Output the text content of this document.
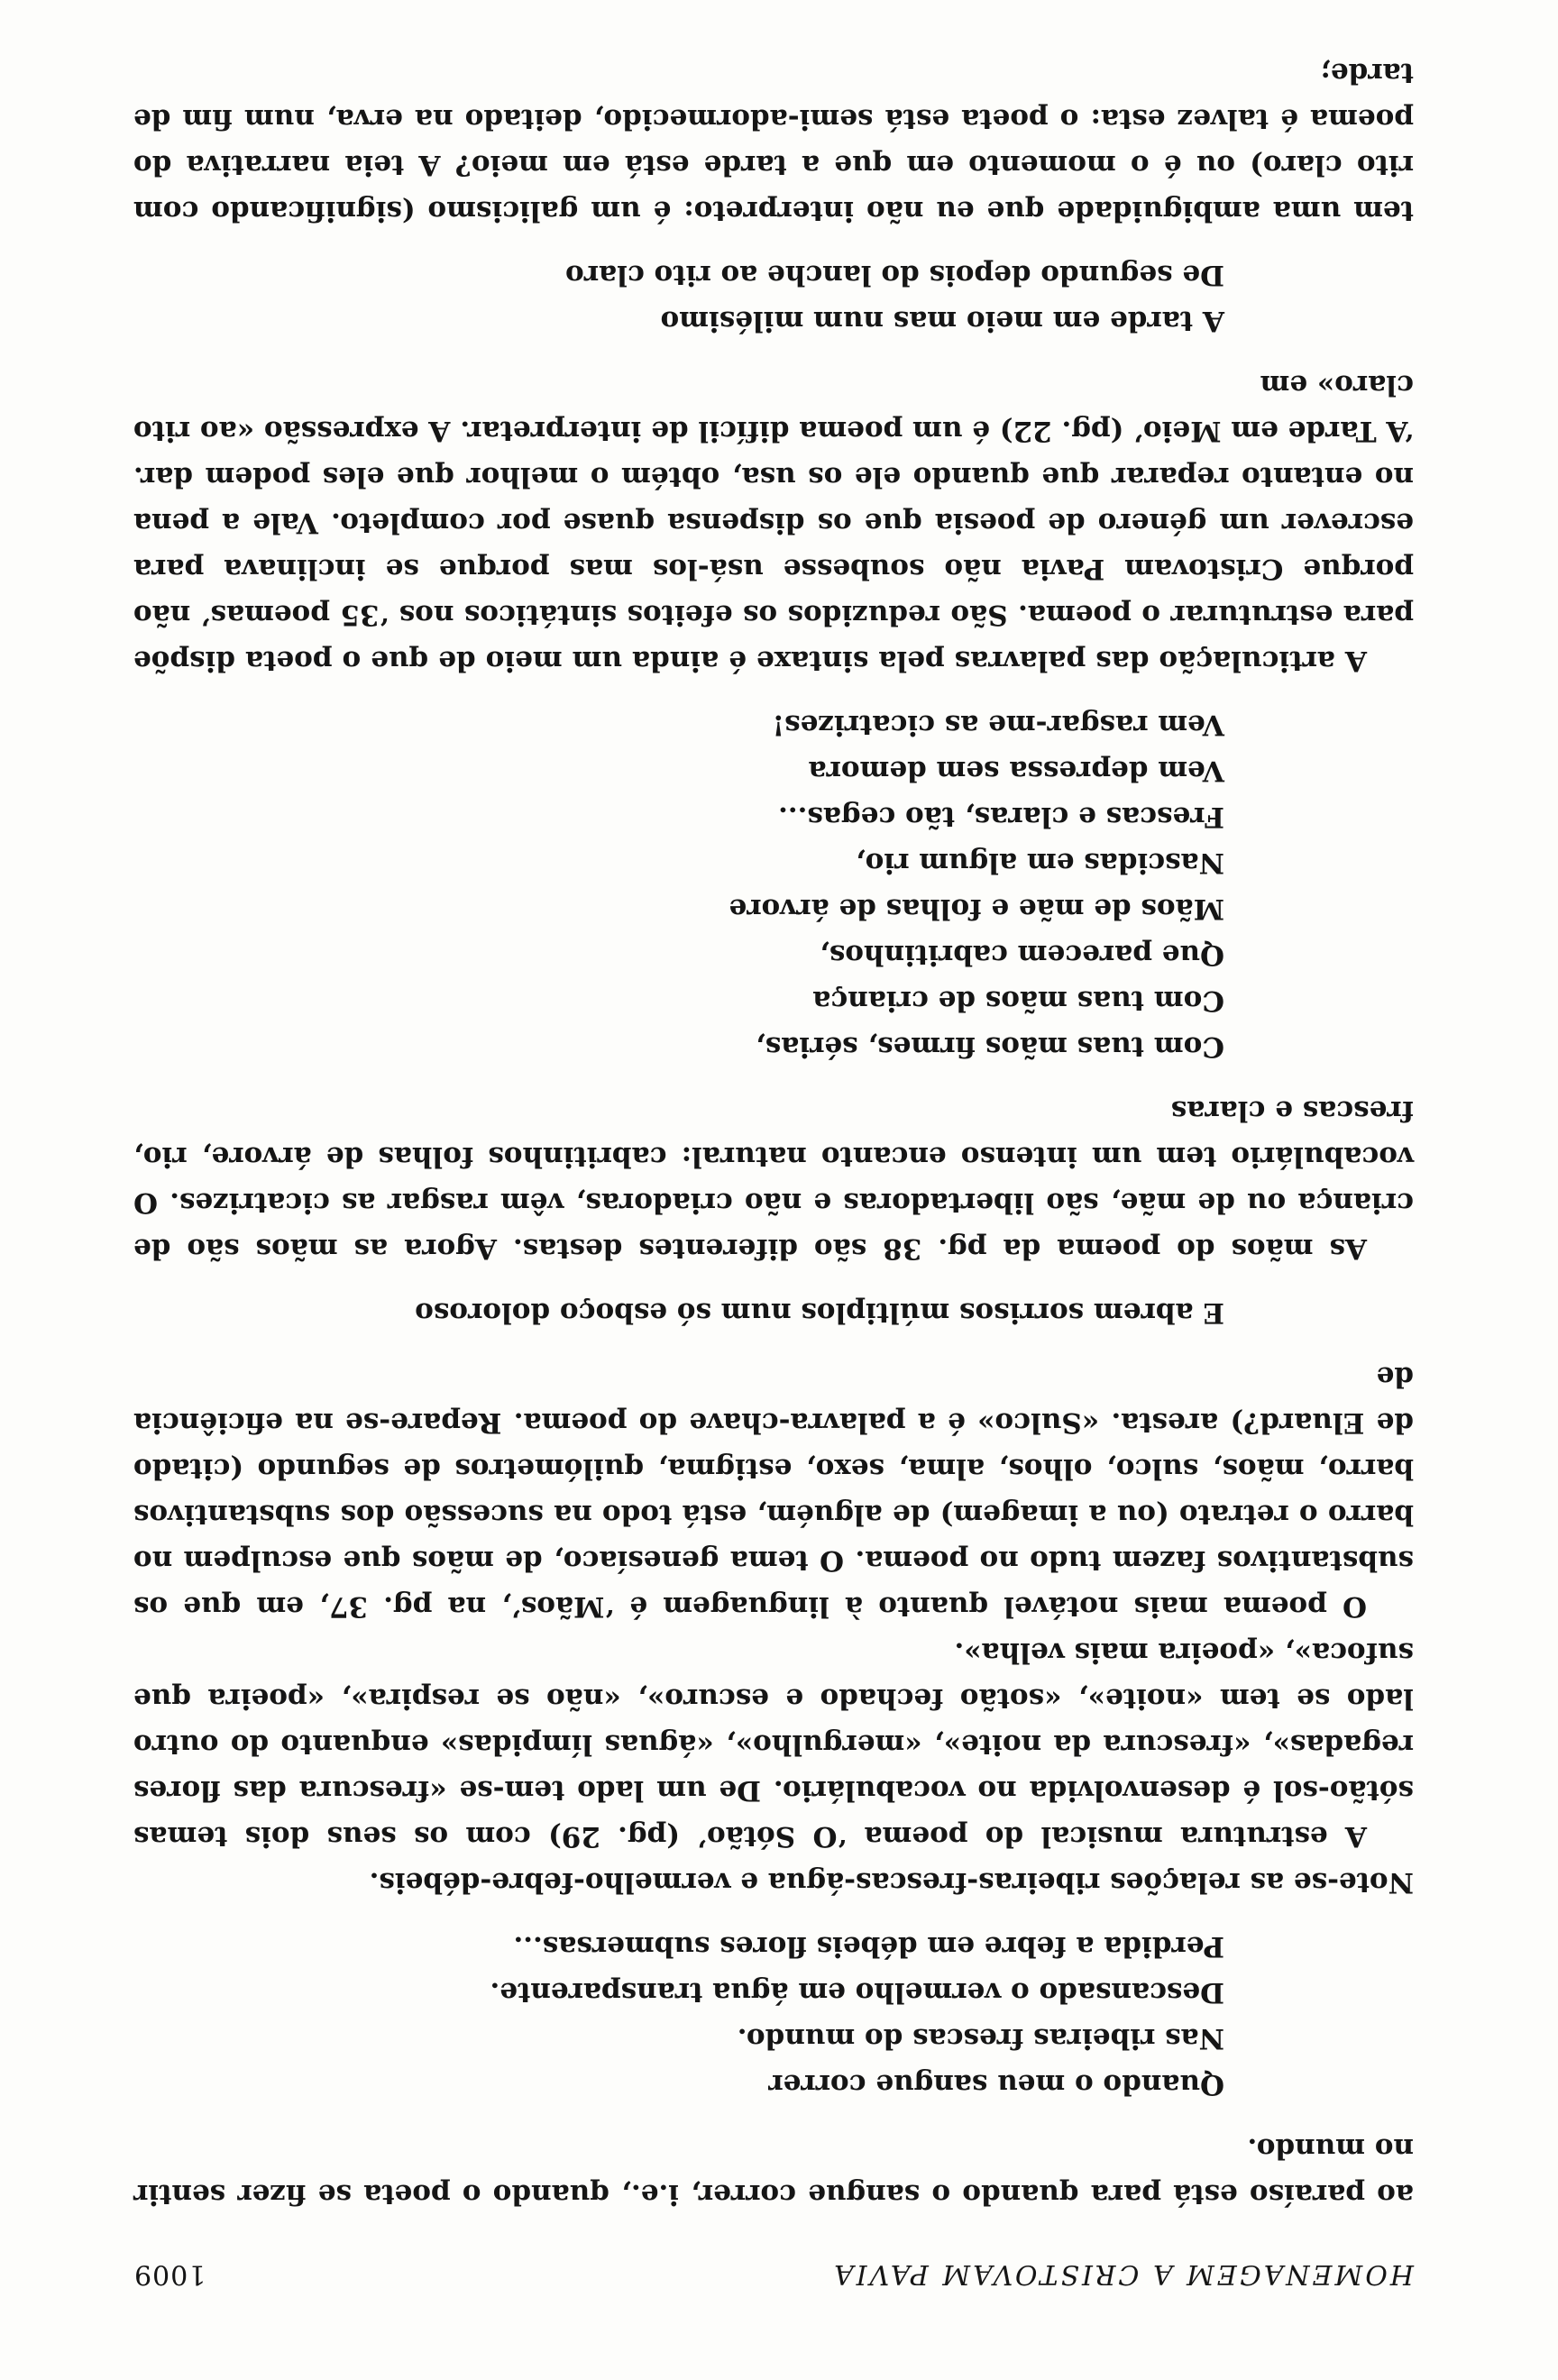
HOMENAGEM A CRISTOVAM PAVIA
1009

ao paraíso está para quando o sangue correr, i.e., quando o poeta se fizer sentir no mundo.

Quando o meu sangue correr
Nas ribeiras frescas do mundo.
Descansado o vermelho em água transparente.
Perdida a febre em débeis flores submersas...

Note-se as relações ribeiras-frescas-água e vermelho-febre-débeis.

A estrutura musical do poema ‘O Sótão’ (pg. 29) com os seus dois temas sótão-sol é desenvolvida no vocabulário. De um lado tem-se «frescura das flores regadas», «frescura da noite», «mergulho», «águas límpidas» enquanto do outro lado se tem «noite», «sotão fechado e escuro», «não se respira», «poeira que sufoca», «poeira mais velha».

O poema mais notável quanto à linguagem é ‘Mãos’, na pg. 37, em que os substantivos fazem tudo no poema. O tema genesíaco, de mãos que esculpem no barro o retrato (ou a imagem) de alguém, está todo na sucessão dos substantivos barro, mãos, sulco, olhos, alma, sexo, estigma, quilómetros de segundo (citado de Eluard?) aresta. «Sulco» é a palavra-chave do poema. Repare-se na eficiência de

E abrem sorrisos múltiplos num só esboço doloroso

As mãos do poema da pg. 38 são diferentes destas. Agora as mãos são de criança ou de mãe, são libertadoras e não criadoras, vêm rasgar as cicatrizes. O vocabulário tem um intenso encanto natural: cabritinhos folhas de árvore, rio, frescas e claras

Com tuas mãos firmes, sérias,
Com tuas mãos de criança
Que parecem cabritinhos,
Mãos de mãe e folhas de árvore
Nascidas em algum rio,
Frescas e claras, tão cegas...
Vem depressa sem demora
Vem rasgar-me as cicatrizes!

A articulação das palavras pela sintaxe é ainda um meio de que o poeta dispõe para estruturar o poema. São reduzidos os efeitos sintáticos nos ‘35 poemas’ não porque Cristovam Pavia não soubesse usá-los mas porque se inclinava para escrever um género de poesia que os dispensa quase por completo. Vale a pena no entanto reparar que quando ele os usa, obtém o melhor que eles podem dar. ‘A Tarde em Meio’ (pg. 22) é um poema difícil de interpretar. A expressão «ao rito claro» em

A tarde em meio mas num milésimo
De segundo depois do lanche ao rito claro

tem uma ambiguidade que eu não interpreto: é um galicismo (significando com rito claro) ou é o momento em que a tarde está em meio? A teia narrativa do poema é talvez esta: o poeta está semi-adormecido, deitado na erva, num fim de tarde;
